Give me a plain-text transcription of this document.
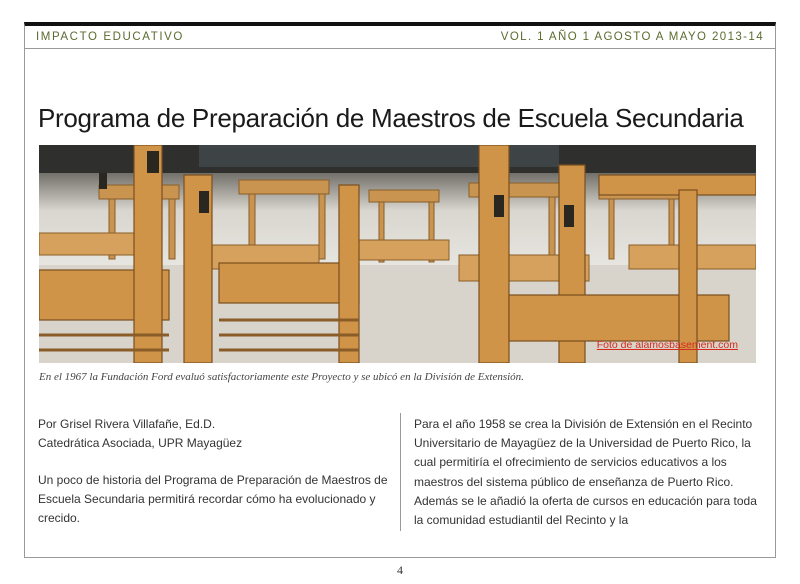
IMPACTO EDUCATIVO	VOL. 1 AÑO 1 AGOSTO A MAYO 2013-14
Programa de Preparación de Maestros de Escuela Secundaria
Foto de alamosbasement.com
En el 1967 la Fundación Ford evaluó satisfactoriamente este Proyecto y se ubicó en la División de Extensión.

Por Grisel Rivera Villafañe, Ed.D.
Catedrática Asociada, UPR Mayagüez

Un poco de historia del Programa de Preparación de Maestros de Escuela Secundaria permitirá recordar cómo ha evolucionado y crecido.

Para el año 1958 se crea la División de Extensión en el Recinto Universitario de Mayagüez de la Universidad de Puerto Rico, la cual permitiría el ofrecimiento de servicios educativos a los maestros del sistema público de enseñanza de Puerto Rico. Además se le añadió la oferta de cursos en educación para toda la comunidad estudiantil del Recinto y la

4
